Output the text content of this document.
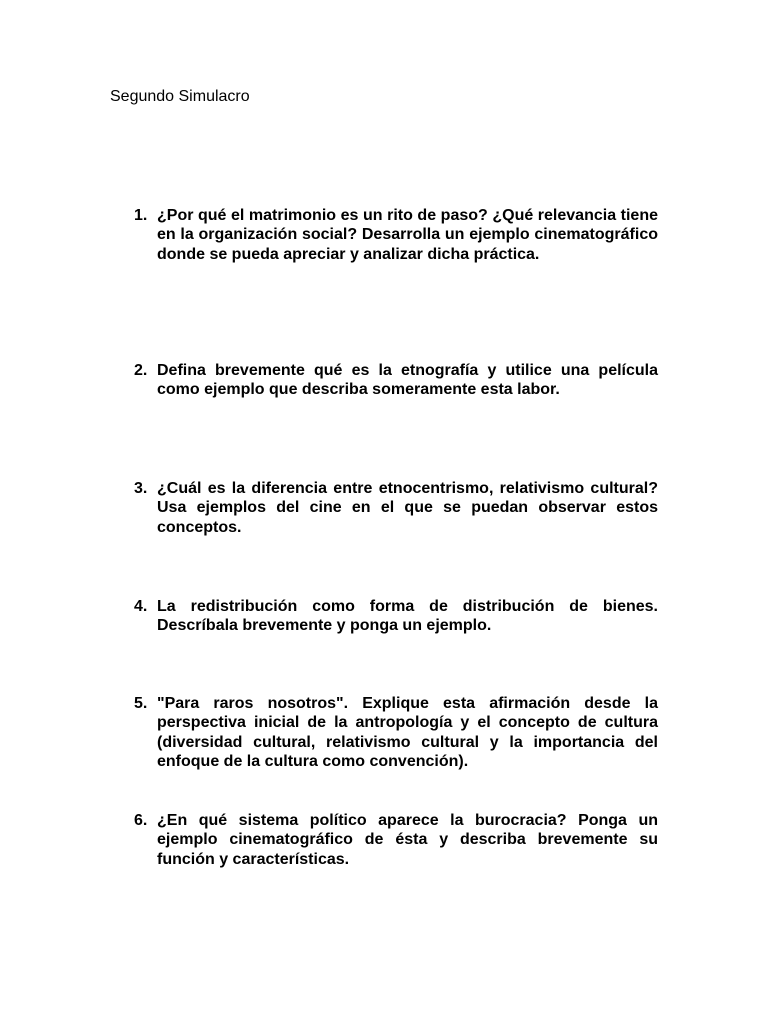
Segundo Simulacro
1. ¿Por qué el matrimonio es un rito de paso? ¿Qué relevancia tiene en la organización social? Desarrolla un ejemplo cinematográfico donde se pueda apreciar y analizar dicha práctica.
2. Defina brevemente qué es la etnografía y utilice una película como ejemplo que describa someramente esta labor.
3. ¿Cuál es la diferencia entre etnocentrismo, relativismo cultural? Usa ejemplos del cine en el que se puedan observar estos conceptos.
4. La redistribución como forma de distribución de bienes. Descríbala brevemente y ponga un ejemplo.
5. "Para raros nosotros". Explique esta afirmación desde la perspectiva inicial de la antropología y el concepto de cultura (diversidad cultural, relativismo cultural y la importancia del enfoque de la cultura como convención).
6. ¿En qué sistema político aparece la burocracia? Ponga un ejemplo cinematográfico de ésta y describa brevemente su función y características.
